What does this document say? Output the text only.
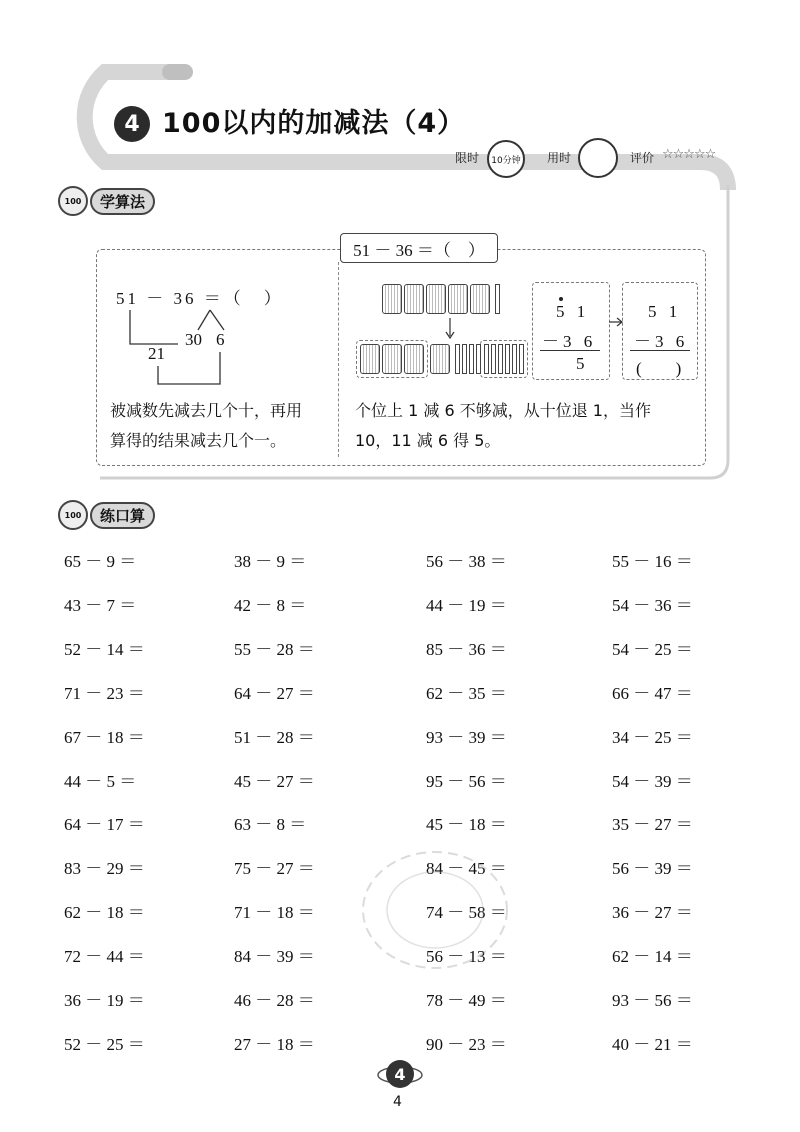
4 100以内的加减法（4）
限时 10分钟 用时	评价 ☆☆☆☆☆
100	学算法
51 － 36 ＝（　）
51 － 36 ＝（　）
30 6
21
被减数先减去几个十，再用
算得的结果减去几个一。
5 1
－3 6
5
5 1
－3 6
(　　)
个位上 1 减 6 不够减，从十位退 1，当作
10，11 减 6 得 5。
100	练口算
65 － 9 ＝	38 － 9 ＝	56 － 38 ＝	55 － 16 ＝
43 － 7 ＝	42 － 8 ＝	44 － 19 ＝	54 － 36 ＝
52 － 14 ＝	55 － 28 ＝	85 － 36 ＝	54 － 25 ＝
71 － 23 ＝	64 － 27 ＝	62 － 35 ＝	66 － 47 ＝
67 － 18 ＝	51 － 28 ＝	93 － 39 ＝	34 － 25 ＝
44 － 5 ＝	45 － 27 ＝	95 － 56 ＝	54 － 39 ＝
64 － 17 ＝	63 － 8 ＝	45 － 18 ＝	35 － 27 ＝
83 － 29 ＝	75 － 27 ＝	84 － 45 ＝	56 － 39 ＝
62 － 18 ＝	71 － 18 ＝	74 － 58 ＝	36 － 27 ＝
72 － 44 ＝	84 － 39 ＝	56 － 13 ＝	62 － 14 ＝
36 － 19 ＝	46 － 28 ＝	78 － 49 ＝	93 － 56 ＝
52 － 25 ＝	27 － 18 ＝	90 － 23 ＝	40 － 21 ＝
4
4
